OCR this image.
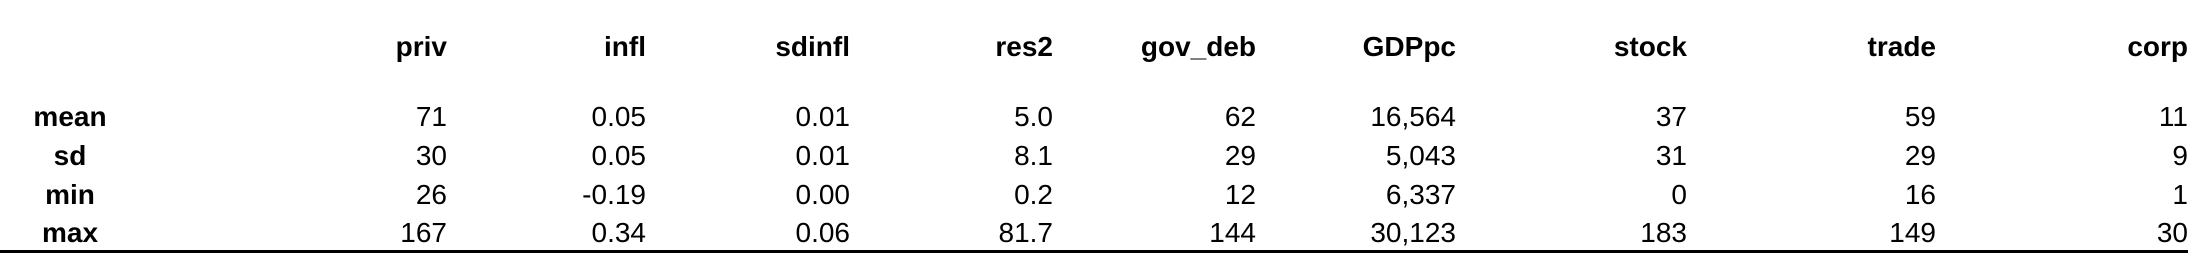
	priv	infl	sdinfl	res2	gov_deb	GDPpc	stock	trade	corp
mean	71	0.05	0.01	5.0	62	16,564	37	59	11
sd	30	0.05	0.01	8.1	29	5,043	31	29	9
min	26	-0.19	0.00	0.2	12	6,337	0	16	1
max	167	0.34	0.06	81.7	144	30,123	183	149	30
